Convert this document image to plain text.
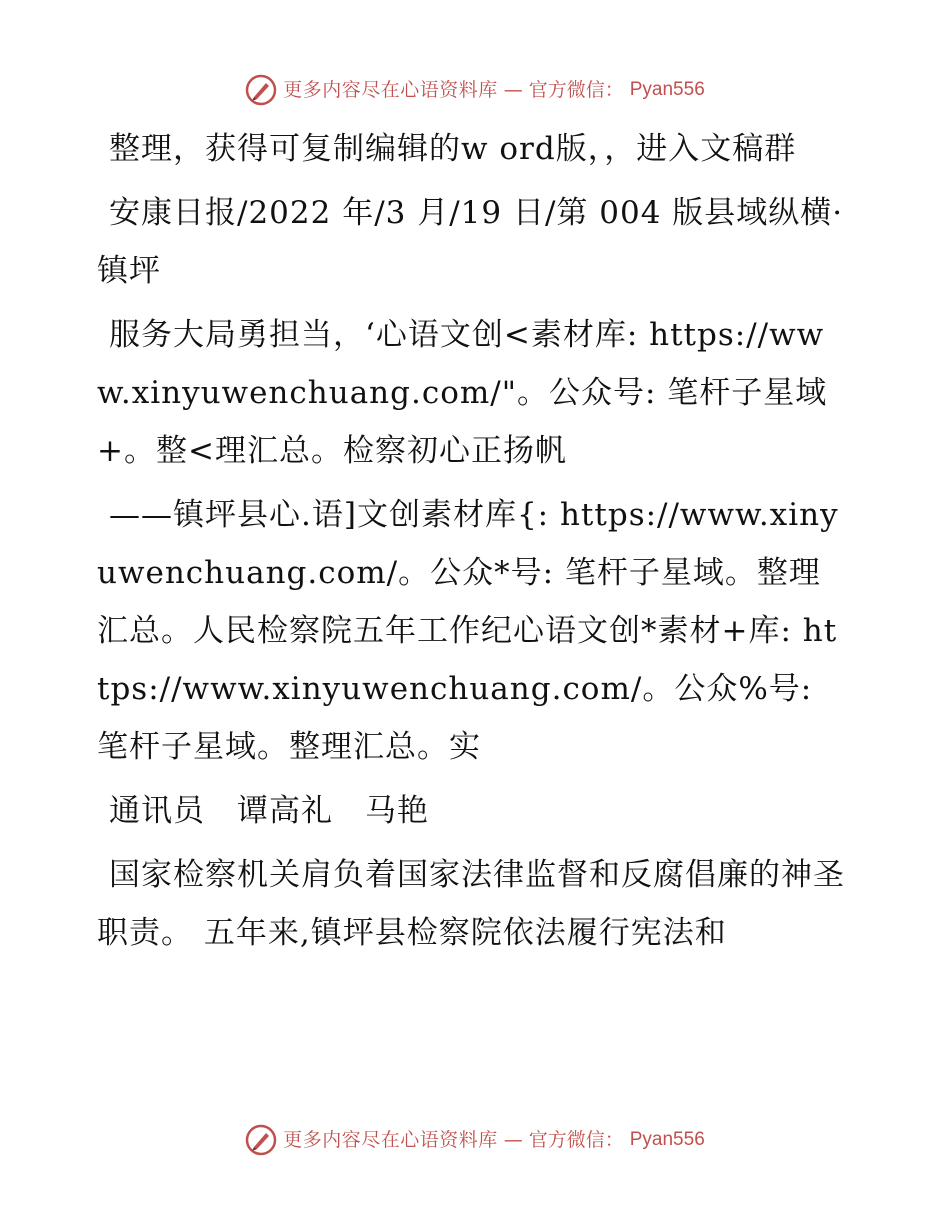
更多内容尽在心语资料库 — 官方微信： Pyan556

整理，获得可复制编辑的w ord版，，进入文稿群

安康日报/2022 年/3 月/19 日/第 004 版县域纵横· 镇坪

服务大局勇担当，‘心语文创<素材库: https://www.xinyuwenchuang.com/"。公众号: 笔杆子星域+。整<理汇总。检察初心正扬帆

——镇坪县心.语]文创素材库{: https://www.xinyuwenchuang.com/。公众*号: 笔杆子星域。整理汇总。人民检察院五年工作纪心语文创*素材+库: https://www.xinyuwenchuang.com/。公众%号: 笔杆子星域。整理汇总。实

通讯员　谭高礼　马艳

国家检察机关肩负着国家法律监督和反腐倡廉的神圣职责。 五年来,镇坪县检察院依法履行宪法和

更多内容尽在心语资料库 — 官方微信： Pyan556
